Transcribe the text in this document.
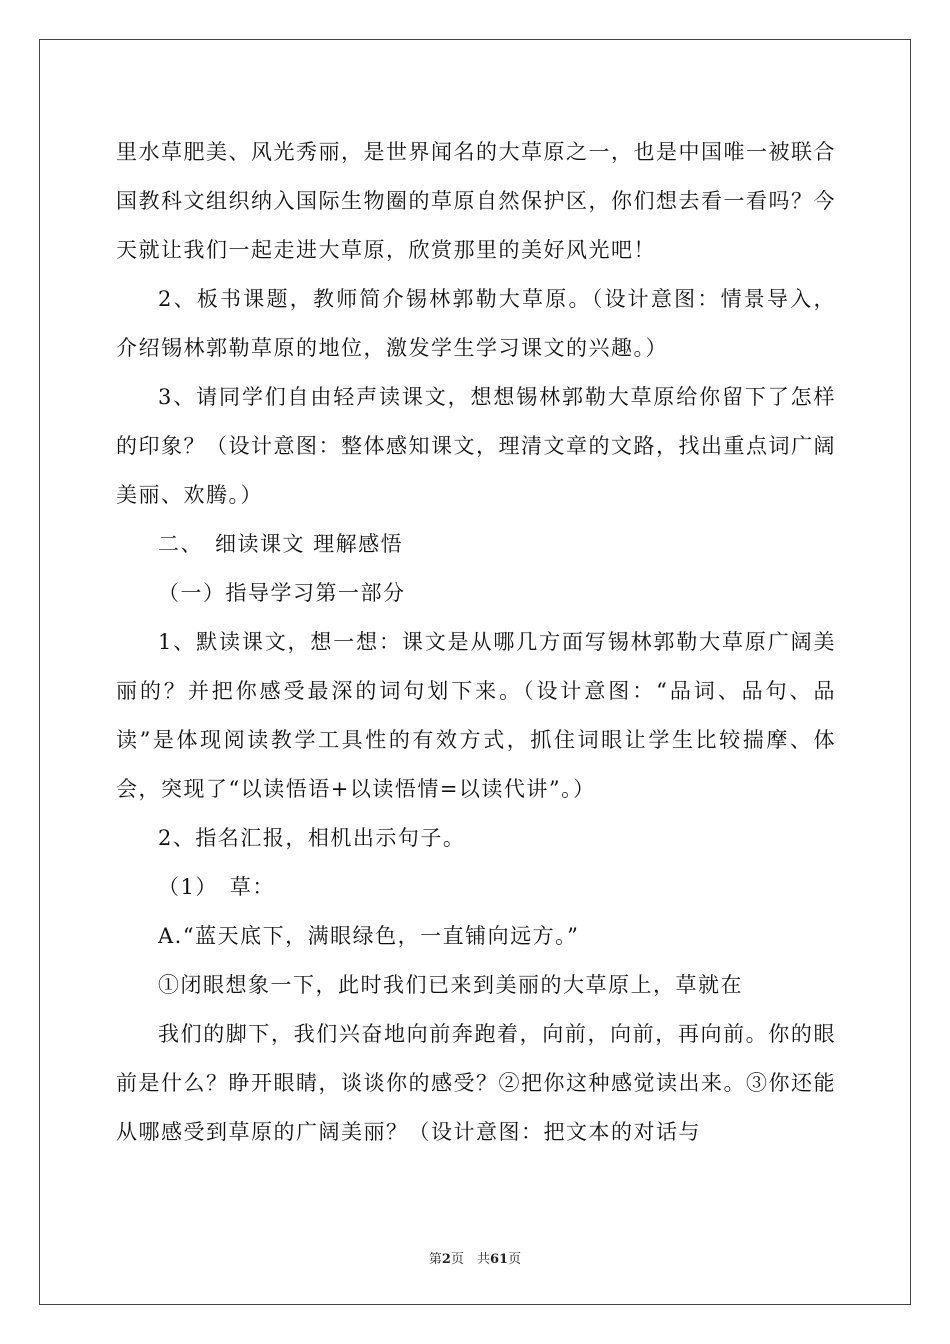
里水草肥美、风光秀丽，是世界闻名的大草原之一，也是中国唯一被联合国教科文组织纳入国际生物圈的草原自然保护区，你们想去看一看吗？今天就让我们一起走进大草原，欣赏那里的美好风光吧！

2、板书课题，教师简介锡林郭勒大草原。（设计意图：情景导入，介绍锡林郭勒草原的地位，激发学生学习课文的兴趣。）

3、请同学们自由轻声读课文，想想锡林郭勒大草原给你留下了怎样的印象？（设计意图：整体感知课文，理清文章的文路，找出重点词广阔美丽、欢腾。）

二、　细读课文 理解感悟

（一）指导学习第一部分

1、默读课文，想一想：课文是从哪几方面写锡林郭勒大草原广阔美丽的？并把你感受最深的词句划下来。（设计意图：“品词、品句、品读”是体现阅读教学工具性的有效方式，抓住词眼让学生比较揣摩、体会，突现了“以读悟语+以读悟情=以读代讲”。）

2、指名汇报，相机出示句子。

（1）　草：

A.“蓝天底下，满眼绿色，一直铺向远方。”

①闭眼想象一下，此时我们已来到美丽的大草原上，草就在

我们的脚下，我们兴奋地向前奔跑着，向前，向前，再向前。你的眼前是什么？睁开眼睛，谈谈你的感受？②把你这种感觉读出来。③你还能从哪感受到草原的广阔美丽？（设计意图：把文本的对话与

第2页　共61页
